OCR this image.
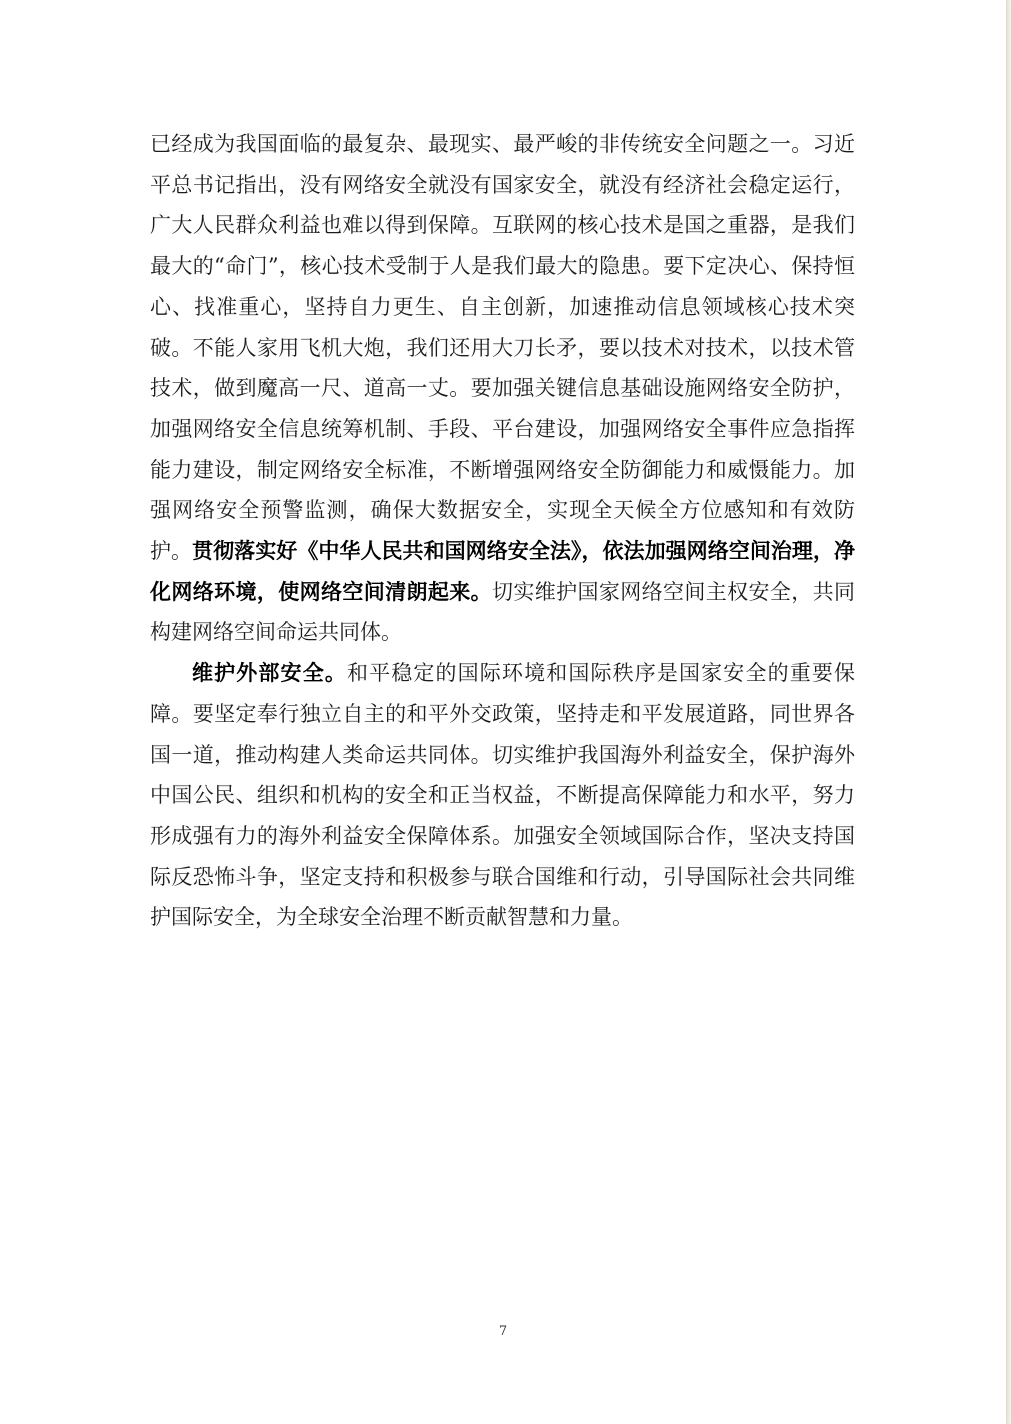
已经成为我国面临的最复杂、最现实、最严峻的非传统安全问题之一。习近平总书记指出，没有网络安全就没有国家安全，就没有经济社会稳定运行，广大人民群众利益也难以得到保障。互联网的核心技术是国之重器，是我们最大的“命门”，核心技术受制于人是我们最大的隐患。要下定决心、保持恒心、找准重心，坚持自力更生、自主创新，加速推动信息领域核心技术突破。不能人家用飞机大炮，我们还用大刀长矛，要以技术对技术，以技术管技术，做到魔高一尺、道高一丈。要加强关键信息基础设施网络安全防护，加强网络安全信息统筹机制、手段、平台建设，加强网络安全事件应急指挥能力建设，制定网络安全标准，不断增强网络安全防御能力和威慑能力。加强网络安全预警监测，确保大数据安全，实现全天候全方位感知和有效防护。贯彻落实好《中华人民共和国网络安全法》，依法加强网络空间治理，净化网络环境，使网络空间清朗起来。切实维护国家网络空间主权安全，共同构建网络空间命运共同体。

维护外部安全。和平稳定的国际环境和国际秩序是国家安全的重要保障。要坚定奉行独立自主的和平外交政策，坚持走和平发展道路，同世界各国一道，推动构建人类命运共同体。切实维护我国海外利益安全，保护海外中国公民、组织和机构的安全和正当权益，不断提高保障能力和水平，努力形成强有力的海外利益安全保障体系。加强安全领域国际合作，坚决支持国际反恐怖斗争，坚定支持和积极参与联合国维和行动，引导国际社会共同维护国际安全，为全球安全治理不断贡献智慧和力量。

7
